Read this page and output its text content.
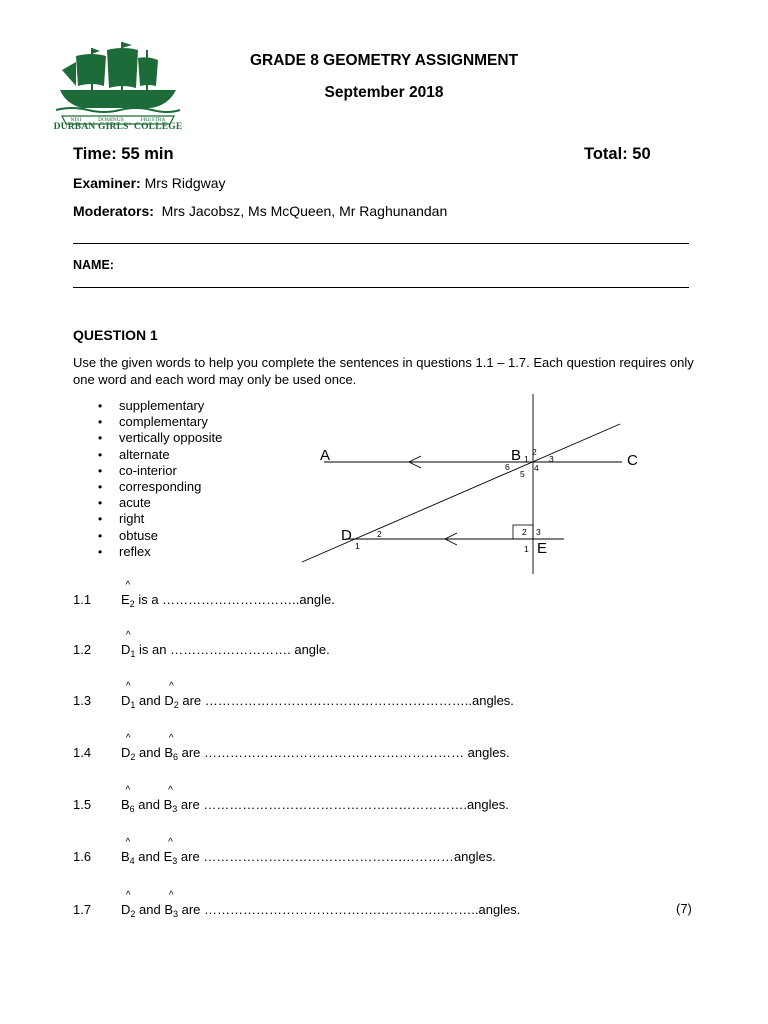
NISI	DOMINUS	FRUSTRA
DURBAN GIRLS' COLLEGE
GRADE 8 GEOMETRY ASSIGNMENT
September 2018
Time: 55 min	Total: 50
Examiner: Mrs Ridgway
Moderators:  Mrs Jacobsz, Ms McQueen, Mr Raghunandan
NAME:
QUESTION 1
Use the given words to help you complete the sentences in questions 1.1 – 1.7. Each question requires only one word and each word may only be used once.
• supplementary
• complementary
• vertically opposite
• alternate
• co-interior
• corresponding
• acute
• right
• obtuse
• reflex
A	B	C
D
E
1
2
3
4
5
6
1
2
1
2 3
1.1
^
$E_2$ is a …………………………..angle.
1.2
^
$D_1$ is an ………………………. angle.
1.3
^
$D_1$ and
^
$D_2$ are ……………………………………………………..angles.
1.4
^
$D_2$ and
^
$B_6$ are …………………………………………………… angles.
1.5
^
$B_6$ and
^
$B_3$ are …………………………………………………….angles.
1.6
^
$B_4$ and
^
$E_3$ are ……………………………………….…………angles.
1.7
^
$D_2$ and
^
$B_3$ are ………………………………….………….………..angles.	(7)
